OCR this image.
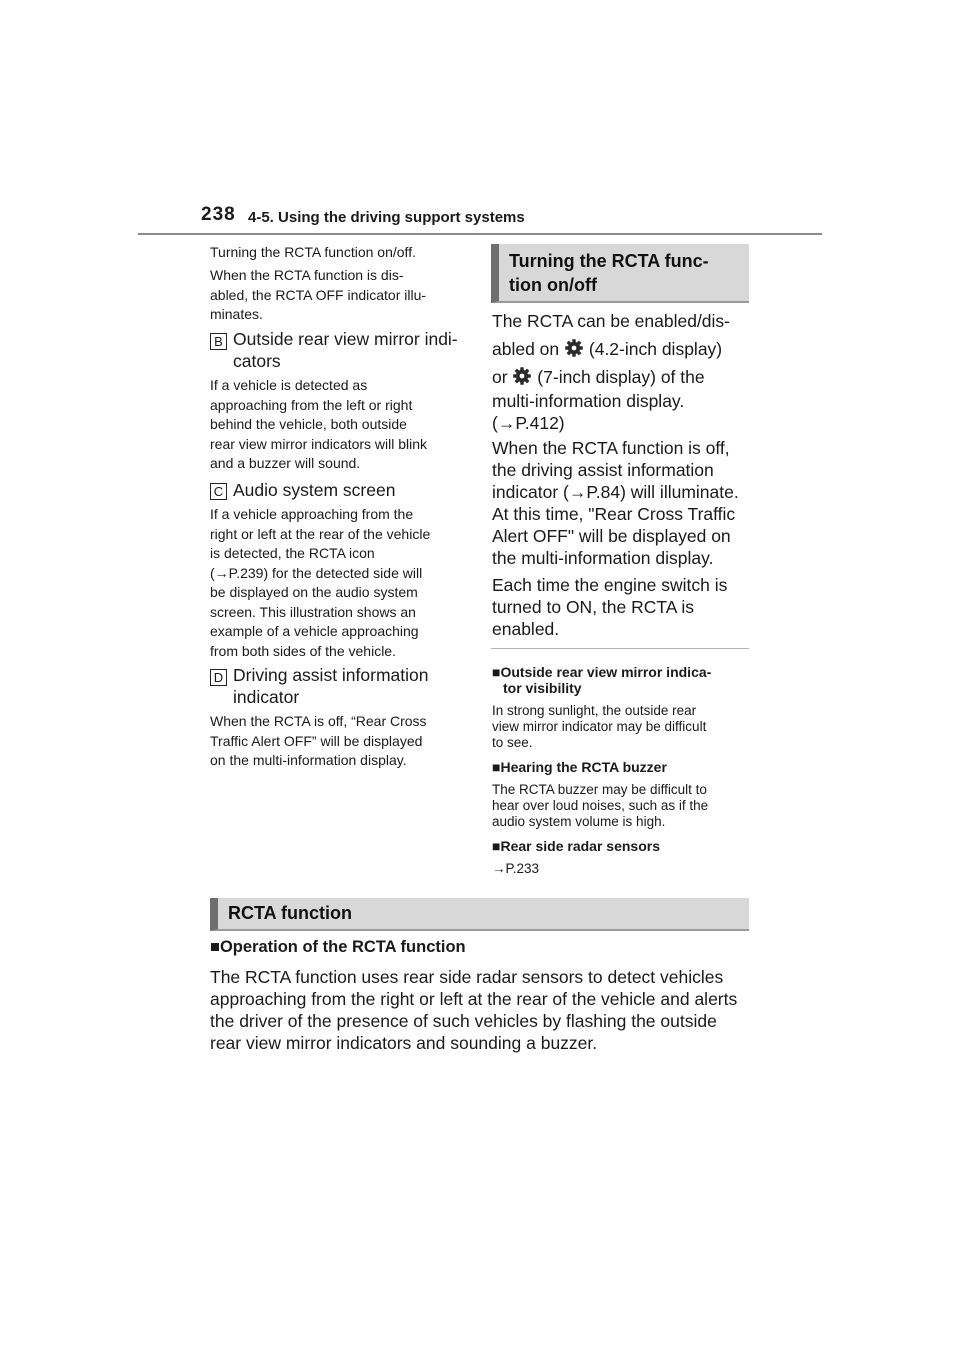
238 4-5. Using the driving support systems
Turning the RCTA function on/off.
When the RCTA function is dis-
abled, the RCTA OFF indicator illu-
minates.
B Outside rear view mirror indi-
cators
If a vehicle is detected as
approaching from the left or right
behind the vehicle, both outside
rear view mirror indicators will blink
and a buzzer will sound.
C Audio system screen
If a vehicle approaching from the
right or left at the rear of the vehicle
is detected, the RCTA icon
(→P.239) for the detected side will
be displayed on the audio system
screen. This illustration shows an
example of a vehicle approaching
from both sides of the vehicle.
D Driving assist information
indicator
When the RCTA is off, “Rear Cross
Traffic Alert OFF” will be displayed
on the multi-information display.
Turning the RCTA func-
tion on/off
The RCTA can be enabled/dis-
abled on  (4.2-inch display)
or  (7-inch display) of the
multi-information display.
(→P.412)
When the RCTA function is off,
the driving assist information
indicator (→P.84) will illuminate.
At this time, "Rear Cross Traffic
Alert OFF" will be displayed on
the multi-information display.
Each time the engine switch is
turned to ON, the RCTA is
enabled.
■Outside rear view mirror indica-
tor visibility
In strong sunlight, the outside rear
view mirror indicator may be difficult
to see.
■Hearing the RCTA buzzer
The RCTA buzzer may be difficult to
hear over loud noises, such as if the
audio system volume is high.
■Rear side radar sensors
→P.233
RCTA function
■Operation of the RCTA function
The RCTA function uses rear side radar sensors to detect vehicles
approaching from the right or left at the rear of the vehicle and alerts
the driver of the presence of such vehicles by flashing the outside
rear view mirror indicators and sounding a buzzer.
